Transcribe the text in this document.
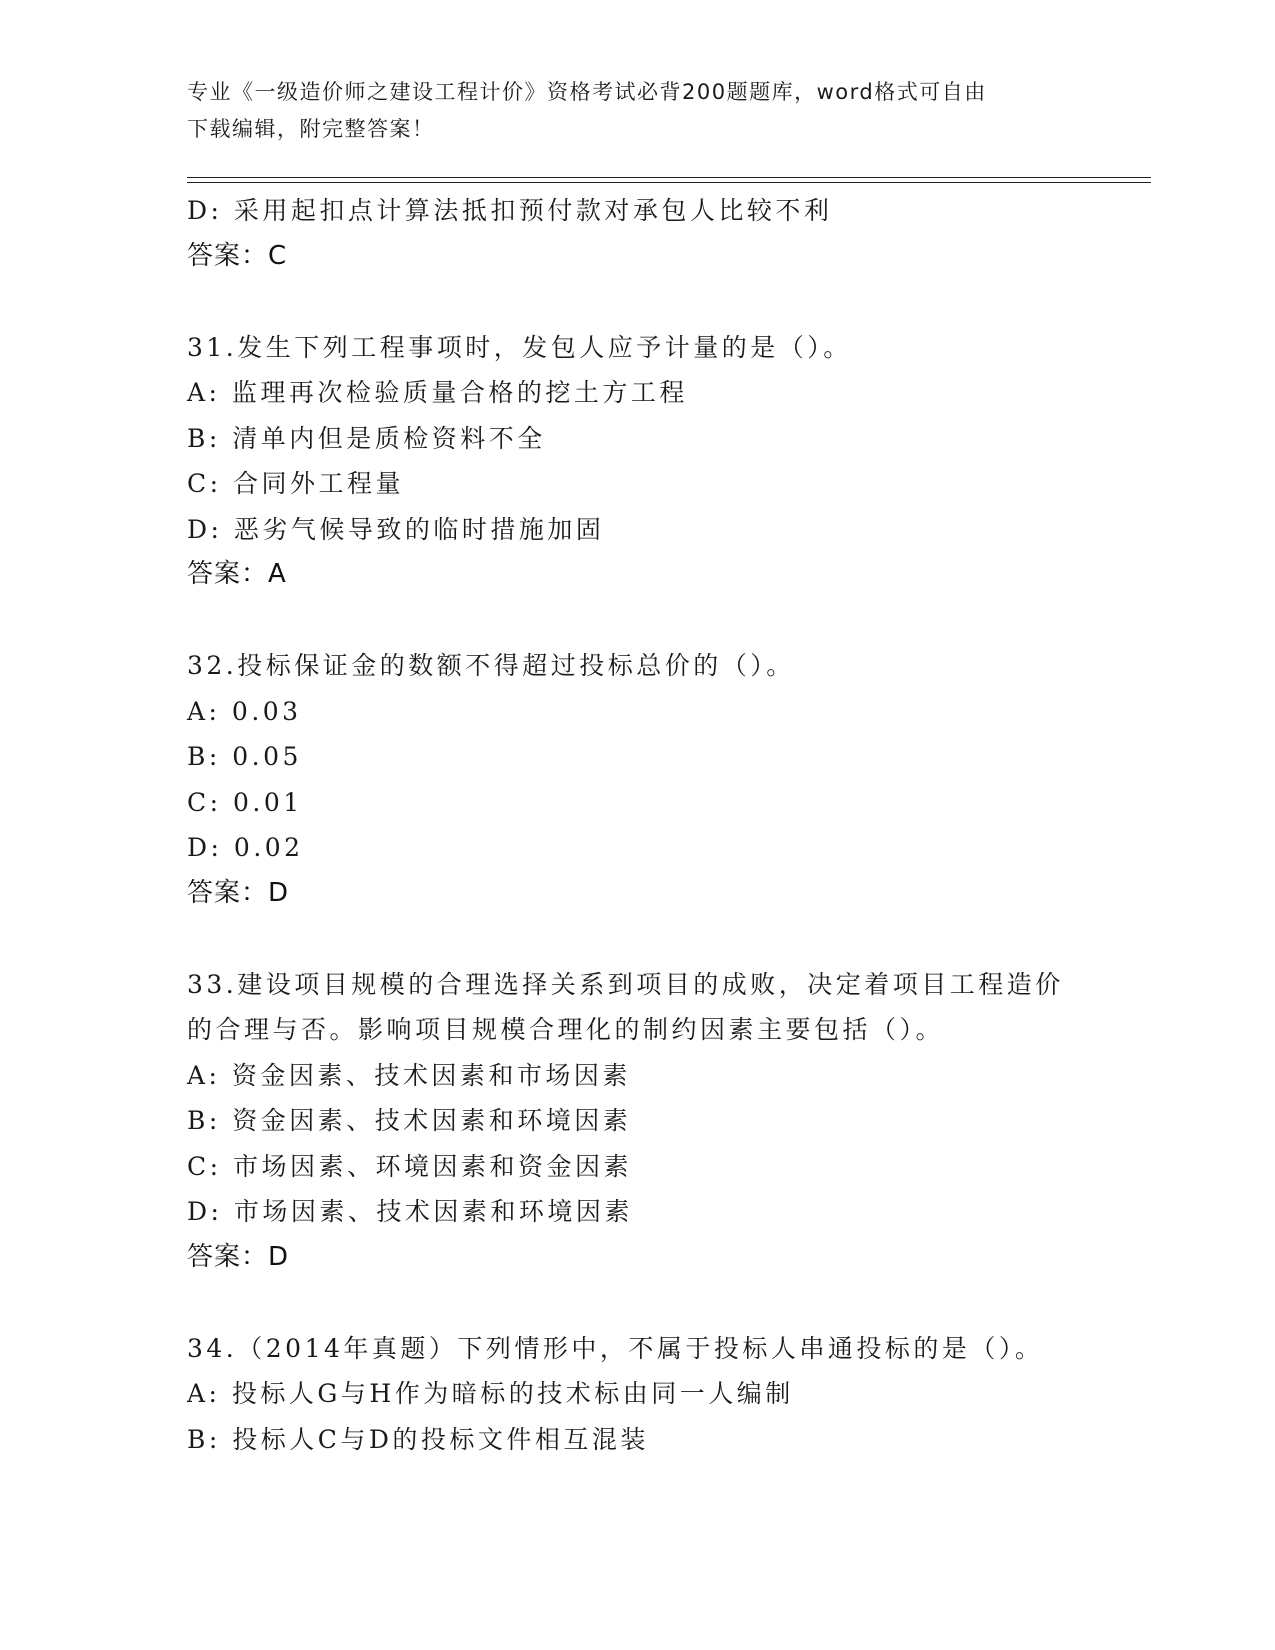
专业《一级造价师之建设工程计价》资格考试必背200题题库，word格式可自由
下载编辑，附完整答案！
D: 采用起扣点计算法抵扣预付款对承包人比较不利
答案：C
31.发生下列工程事项时，发包人应予计量的是（）。
A: 监理再次检验质量合格的挖土方工程
B: 清单内但是质检资料不全
C: 合同外工程量
D: 恶劣气候导致的临时措施加固
答案：A
32.投标保证金的数额不得超过投标总价的（）。
A: 0.03
B: 0.05
C: 0.01
D: 0.02
答案：D
33.建设项目规模的合理选择关系到项目的成败，决定着项目工程造价
的合理与否。影响项目规模合理化的制约因素主要包括（）。
A: 资金因素、技术因素和市场因素
B: 资金因素、技术因素和环境因素
C: 市场因素、环境因素和资金因素
D: 市场因素、技术因素和环境因素
答案：D
34.（2014年真题）下列情形中，不属于投标人串通投标的是（）。
A: 投标人G与H作为暗标的技术标由同一人编制
B: 投标人C与D的投标文件相互混装
